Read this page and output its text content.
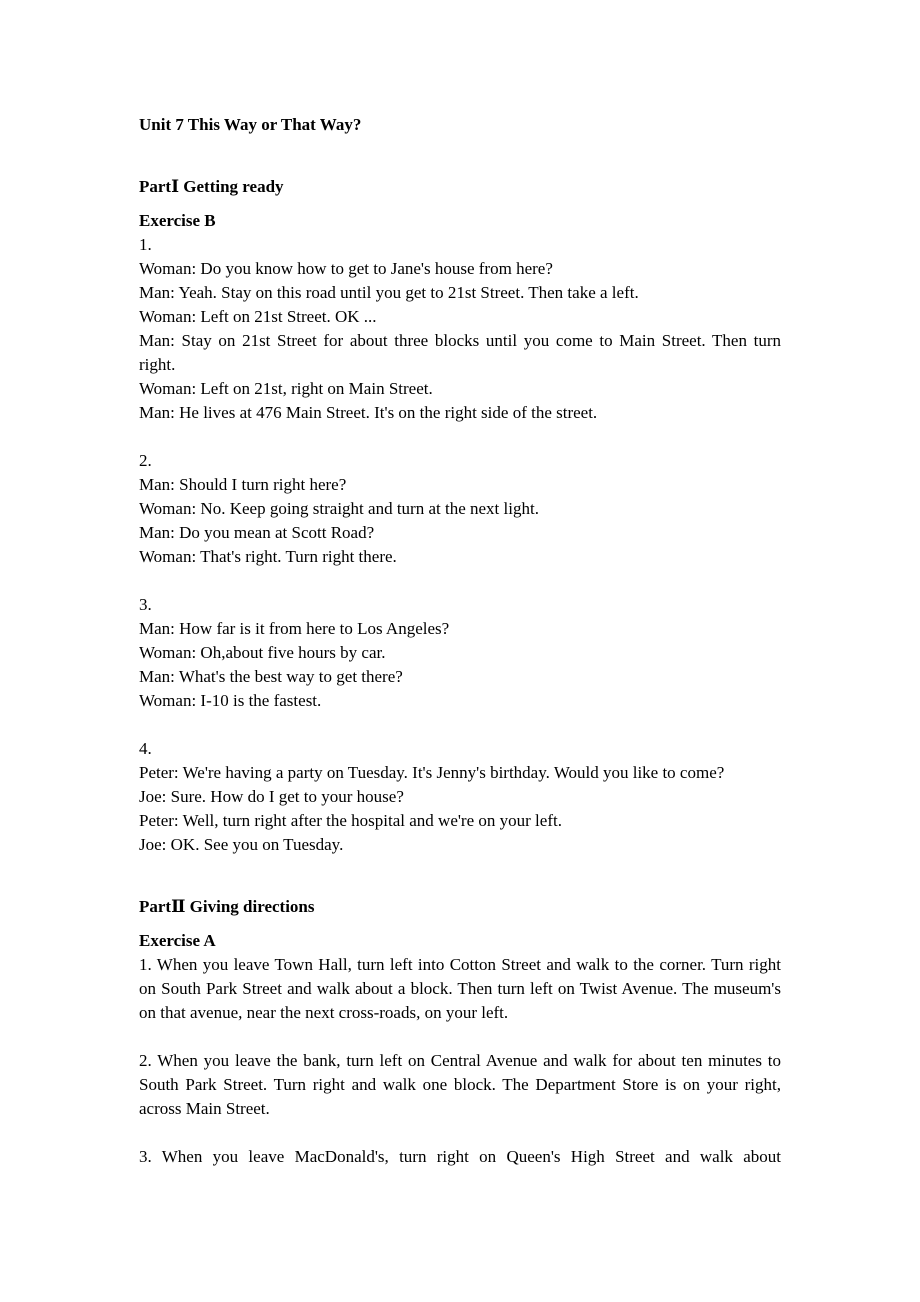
Unit 7 This Way or That Way?

PartⅠ Getting ready

Exercise B

1.

Woman: Do you know how to get to Jane's house from here?

Man: Yeah. Stay on this road until you get to 21st Street. Then take a left.

Woman: Left on 21st Street. OK ...

Man: Stay on 21st Street for about three blocks until you come to Main Street. Then turn right.

Woman: Left on 21st, right on Main Street.

Man: He lives at 476 Main Street. It's on the right side of the street.

2.

Man: Should I turn right here?

Woman: No. Keep going straight and turn at the next light.

Man: Do you mean at Scott Road?

Woman: That's right. Turn right there.

3.

Man: How far is it from here to Los Angeles?

Woman: Oh,about five hours by car.

Man: What's the best way to get there?

Woman: I-10 is the fastest.

4.

Peter: We're having a party on Tuesday. It's Jenny's birthday. Would you like to come?

Joe: Sure. How do I get to your house?

Peter: Well, turn right after the hospital and we're on your left.

Joe: OK. See you on Tuesday.

PartⅡ Giving directions

Exercise A

1. When you leave Town Hall, turn left into Cotton Street and walk to the corner. Turn right on South Park Street and walk about a block. Then turn left on Twist Avenue. The museum's on that avenue, near the next cross-roads, on your left.

2. When you leave the bank, turn left on Central Avenue and walk for about ten minutes to South Park Street. Turn right and walk one block. The Department Store is on your right, across Main Street.

3. When you leave MacDonald's, turn right on Queen's High Street and walk about
